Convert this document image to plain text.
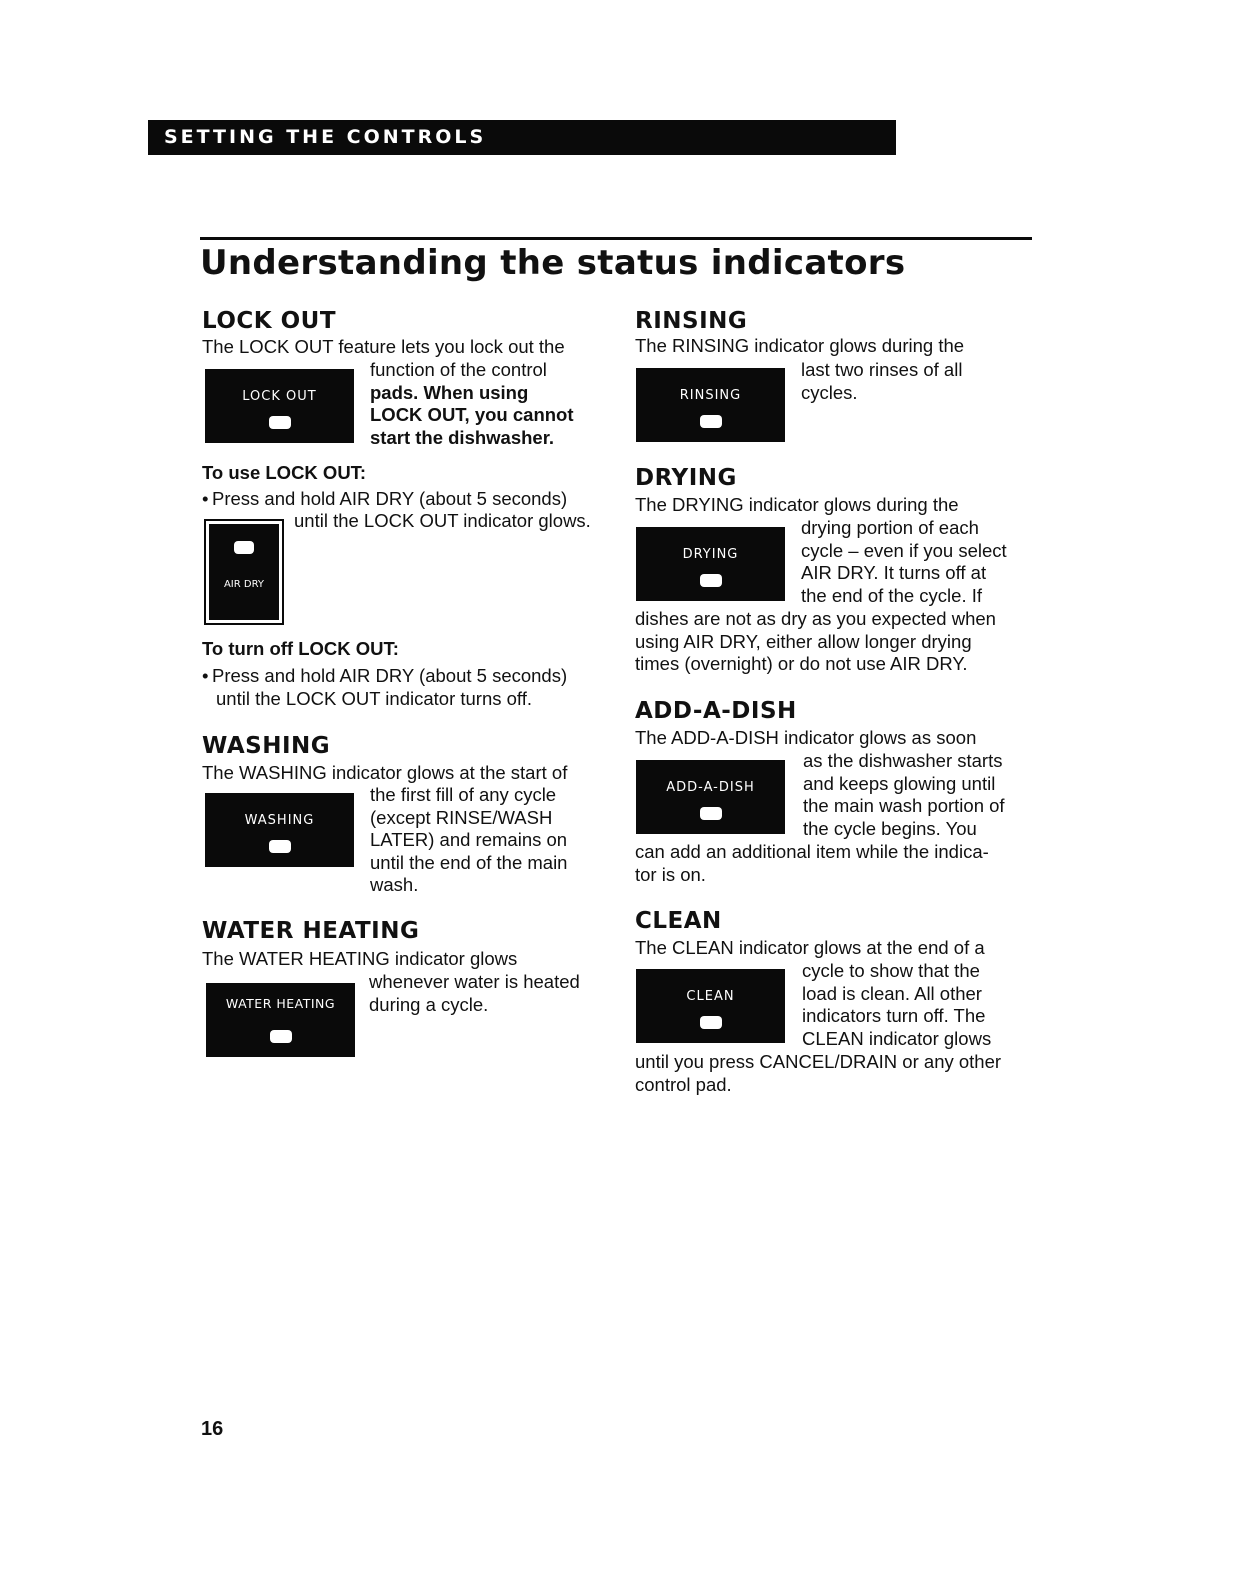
SETTING THE CONTROLS
Understanding the status indicators
LOCK OUT

The LOCK OUT feature lets you lock out the

LOCK OUT

function of the control

pads. When using

LOCK OUT, you cannot

start the dishwasher.

To use LOCK OUT:

• Press and hold AIR DRY (about 5 seconds)

until the LOCK OUT indicator glows.

AIR DRY

To turn off LOCK OUT:

• Press and hold AIR DRY (about 5 seconds)

until the LOCK OUT indicator turns off.

WASHING

The WASHING indicator glows at the start of

WASHING

the first fill of any cycle

(except RINSE/WASH

LATER) and remains on

until the end of the main

wash.

WATER HEATING

The WATER HEATING indicator glows

WATER HEATING

whenever water is heated

during a cycle.

RINSING

The RINSING indicator glows during the

RINSING

last two rinses of all

cycles.

DRYING

The DRYING indicator glows during the

DRYING

drying portion of each

cycle – even if you select

AIR DRY. It turns off at

the end of the cycle. If

dishes are not as dry as you expected when

using AIR DRY, either allow longer drying

times (overnight) or do not use AIR DRY.

ADD-A-DISH

The ADD-A-DISH indicator glows as soon

ADD-A-DISH

as the dishwasher starts

and keeps glowing until

the main wash portion of

the cycle begins. You

can add an additional item while the indica-

tor is on.

CLEAN

The CLEAN indicator glows at the end of a

CLEAN

cycle to show that the

load is clean. All other

indicators turn off. The

CLEAN indicator glows

until you press CANCEL/DRAIN or any other

control pad.

16
